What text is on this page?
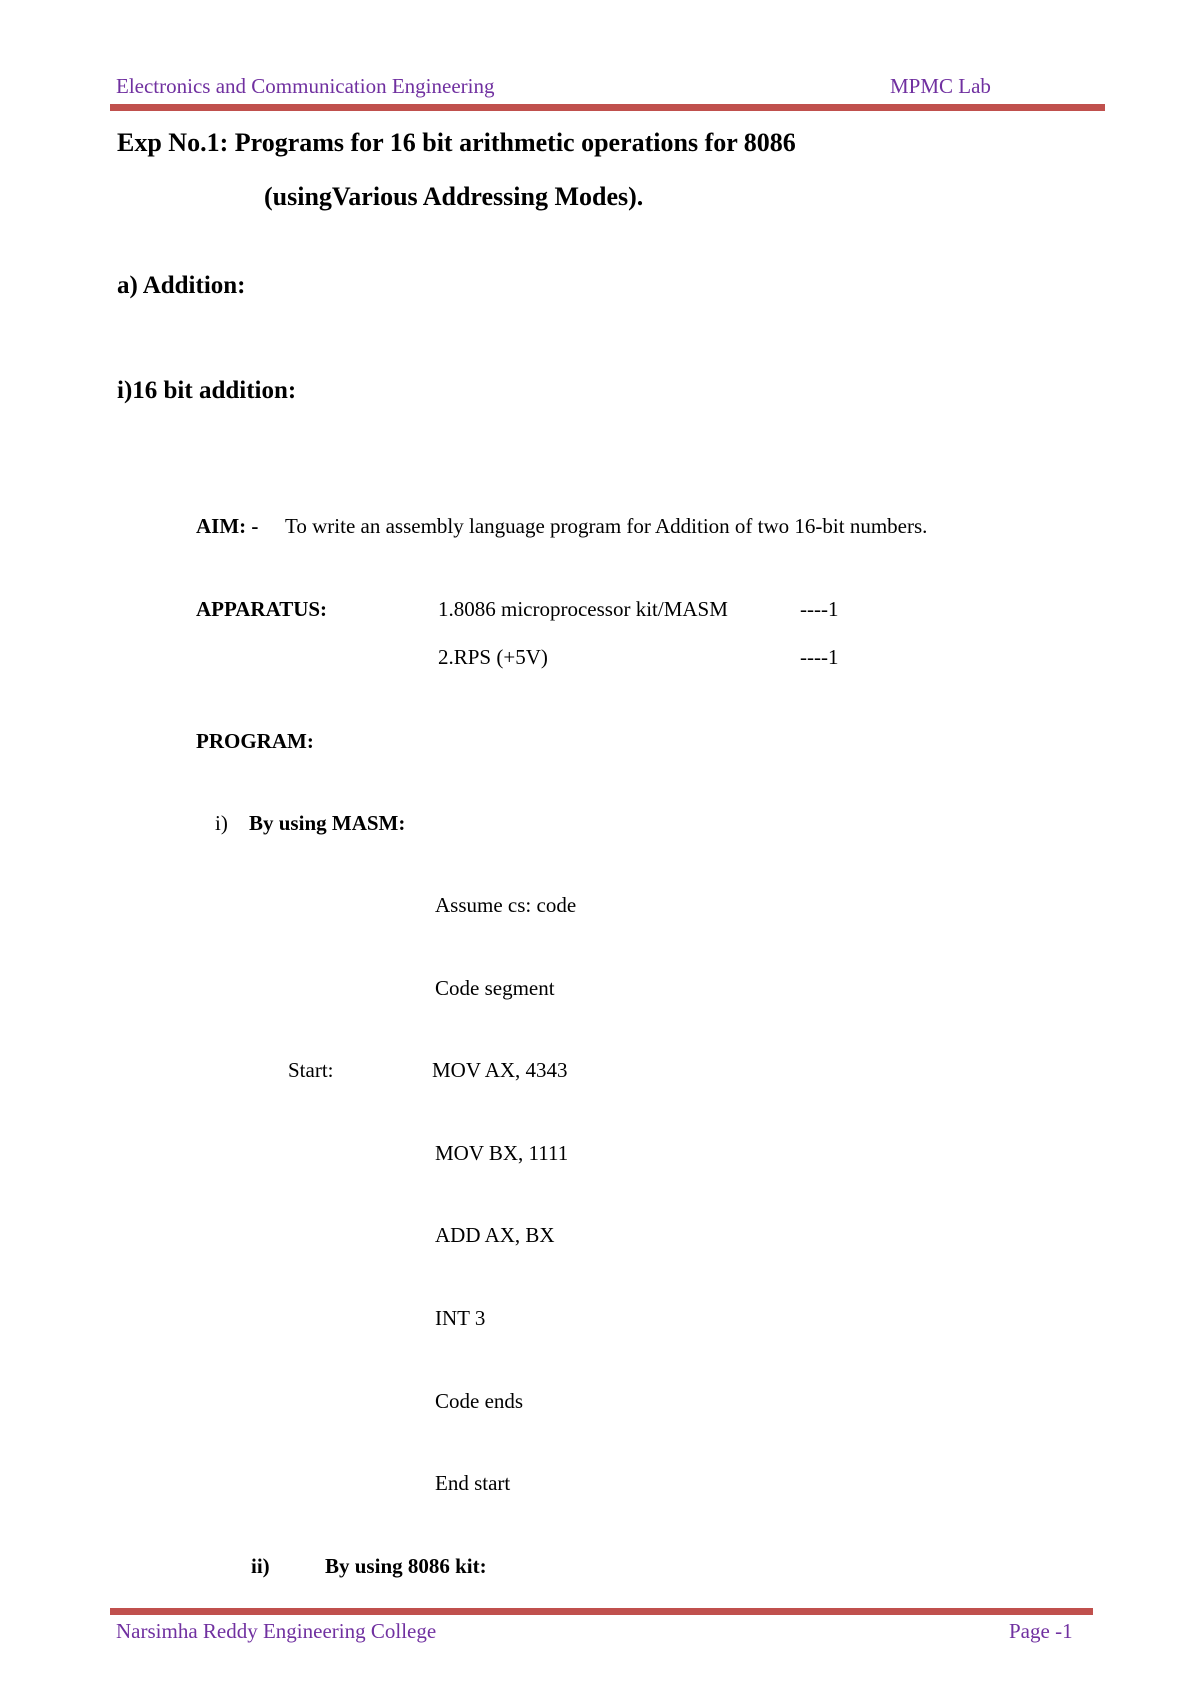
Electronics and Communication Engineering	MPMC Lab
Exp No.1: Programs for 16 bit arithmetic operations for 8086
(usingVarious Addressing Modes).
a) Addition:
i)16 bit addition:
AIM: - To write an assembly language program for Addition of two 16-bit numbers.
APPARATUS:	1.8086 microprocessor kit/MASM	----1
2.RPS (+5V)	----1
PROGRAM:
i) By using MASM:
Assume cs: code
Code segment
Start:	MOV AX, 4343
MOV BX, 1111
ADD AX, BX
INT 3
Code ends
End start
ii)	By using 8086 kit:
Narsimha Reddy Engineering College	Page -1
